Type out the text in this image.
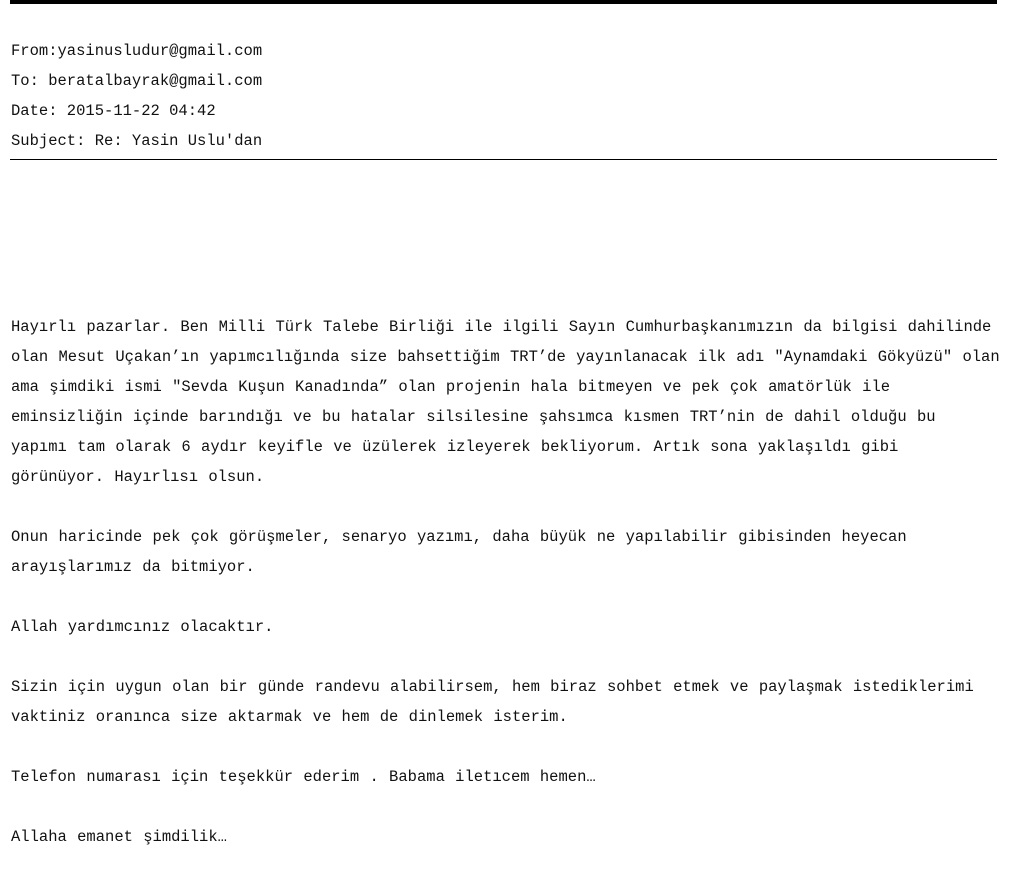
From:yasinusludur@gmail.com
To: beratalbayrak@gmail.com
Date: 2015-11-22 04:42
Subject: Re: Yasin Uslu'dan

Hayırlı pazarlar. Ben Milli Türk Talebe Birliği ile ilgili Sayın Cumhurbaşkanımızın da bilgisi dahilinde olan Mesut Uçakan’ın yapımcılığında size bahsettiğim TRT’de yayınlanacak ilk adı "Aynamdaki Gökyüzü" olan ama şimdiki ismi "Sevda Kuşun Kanadında” olan projenin hala bitmeyen ve pek çok amatörlük ile eminsizliğin içinde barındığı ve bu hatalar silsilesine şahsımca kısmen TRT’nin de dahil olduğu bu yapımı tam olarak 6 aydır keyifle ve üzülerek izleyerek bekliyorum. Artık sona yaklaşıldı gibi görünüyor. Hayırlısı olsun.

Onun haricinde pek çok görüşmeler, senaryo yazımı, daha büyük ne yapılabilir gibisinden heyecan arayışlarımız da bitmiyor.

Allah yardımcınız olacaktır.

Sizin için uygun olan bir günde randevu alabilirsem, hem biraz sohbet etmek ve paylaşmak istediklerimi vaktiniz oranınca size aktarmak ve hem de dinlemek isterim.

Telefon numarası için teşekkür ederim . Babama iletıcem hemen…

Allaha emanet şimdilik…
